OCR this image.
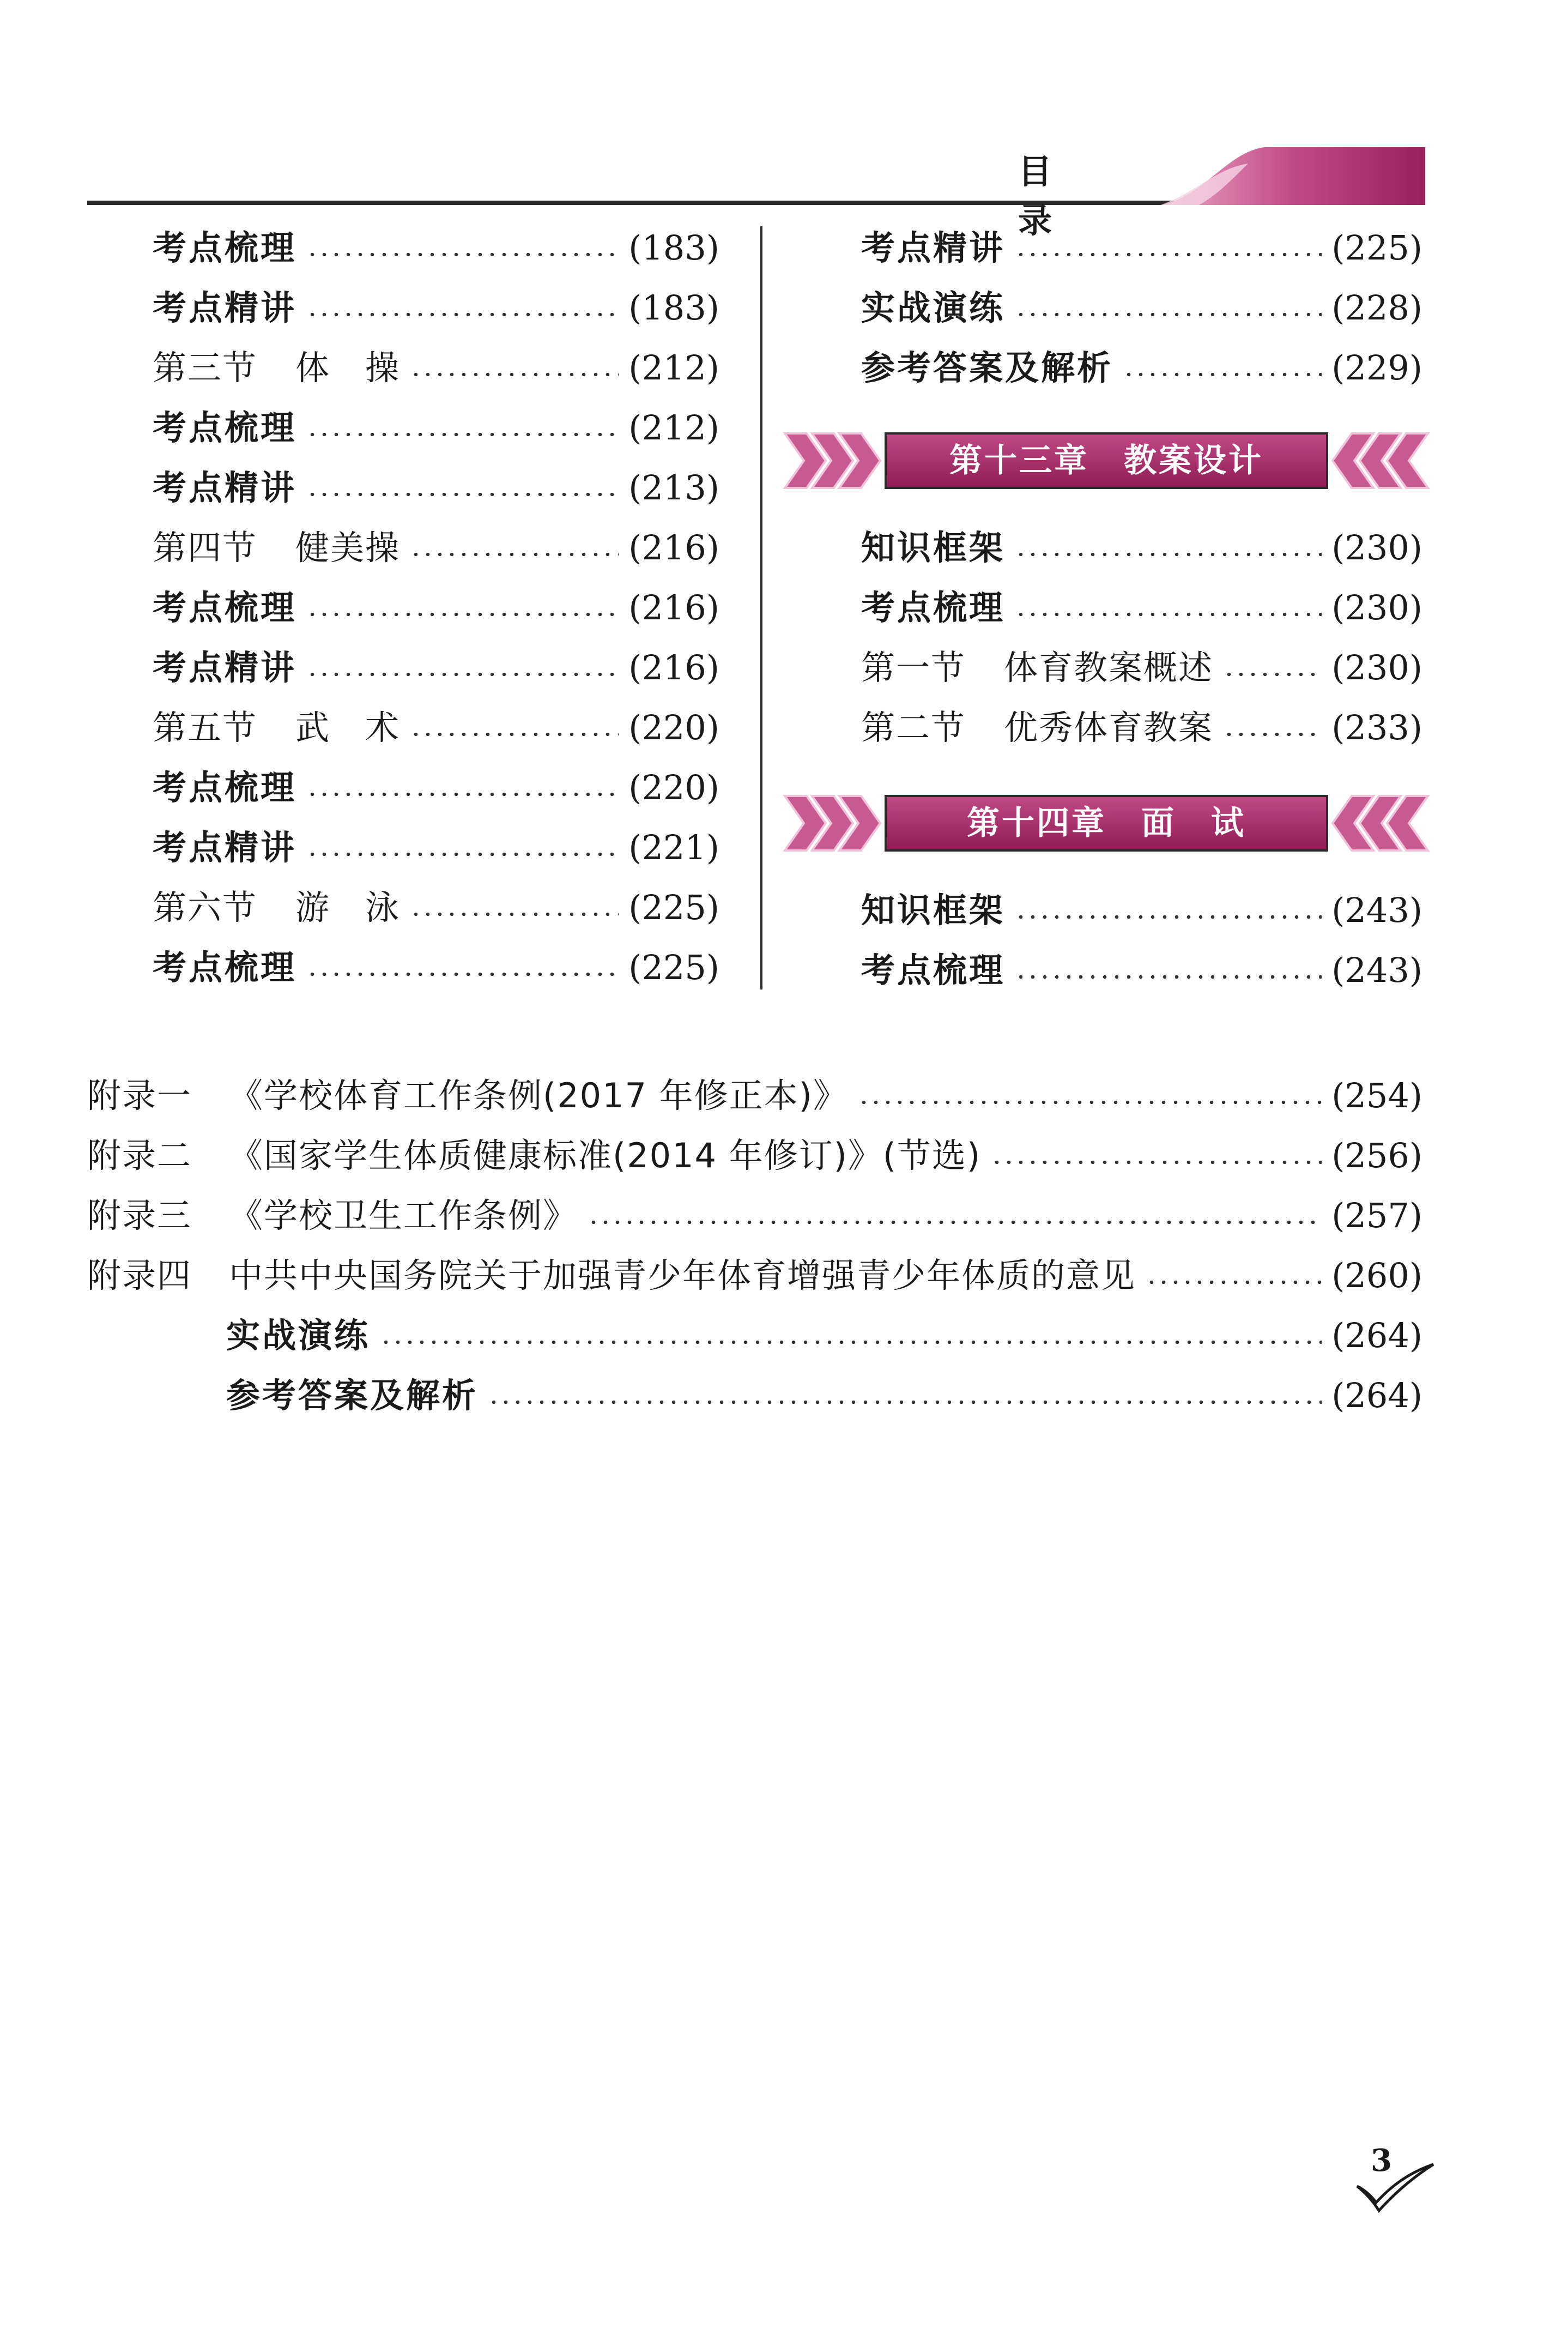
目 录
考点梳理	(183)
考点精讲	(183)
第三节 体　操	(212)
考点梳理	(212)
考点精讲	(213)
第四节 健美操	(216)
考点梳理	(216)
考点精讲	(216)
第五节 武　术	(220)
考点梳理	(220)
考点精讲	(221)
第六节 游　泳	(225)
考点梳理	(225)
考点精讲	(225)
实战演练	(228)
参考答案及解析	(229)
第十三章　教案设计
知识框架	(230)
考点梳理	(230)
第一节 体育教案概述	(230)
第二节 优秀体育教案	(233)
第十四章　面　试
知识框架	(243)
考点梳理	(243)
附录一 《学校体育工作条例(2017 年修正本)》	(254)
附录二 《国家学生体质健康标准(2014 年修订)》(节选)	(256)
附录三 《学校卫生工作条例》	(257)
附录四 中共中央国务院关于加强青少年体育增强青少年体质的意见	(260)
实战演练	(264)
参考答案及解析	(264)
3
